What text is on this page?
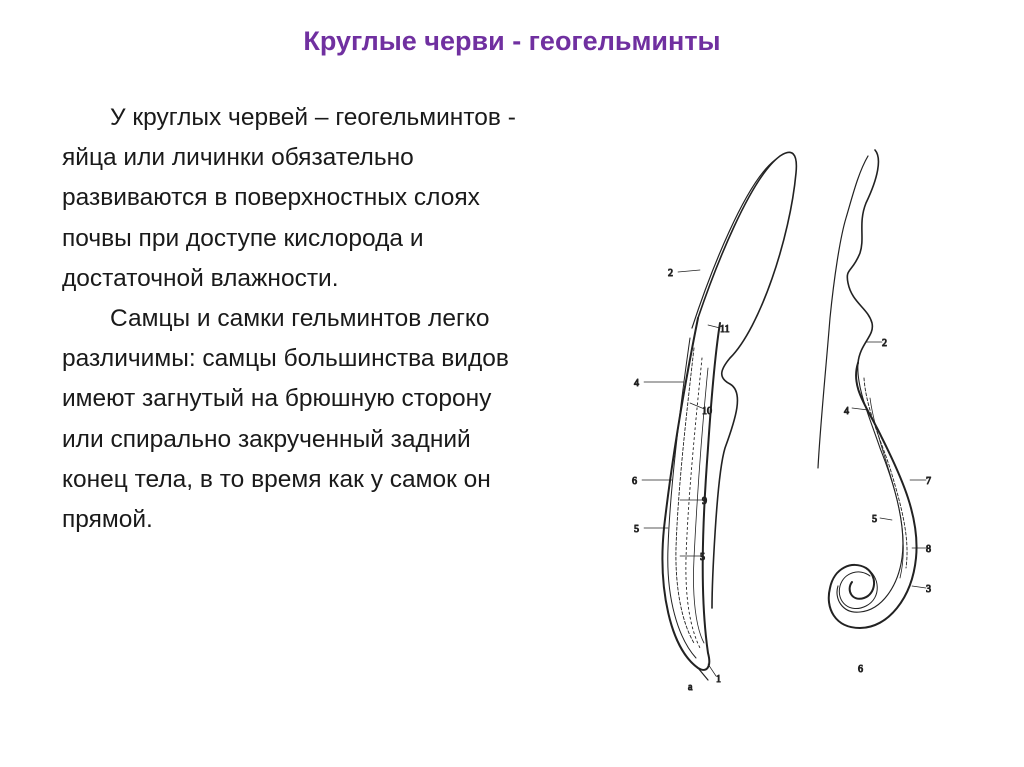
Круглые черви - геогельминты

У круглых червей – геогельминтов - яйца или личинки обязательно развиваются в поверхностных слоях почвы при доступе кислорода и достаточной влажности.

Самцы и самки гельминтов легко различимы: самцы большинства видов имеют загнутый на брюшную сторону или спирально закрученный задний конец тела, в то время как у самок он прямой.

2
11
4
10
6
9
5
5
1
a
2
4
7
5
8
3
6
